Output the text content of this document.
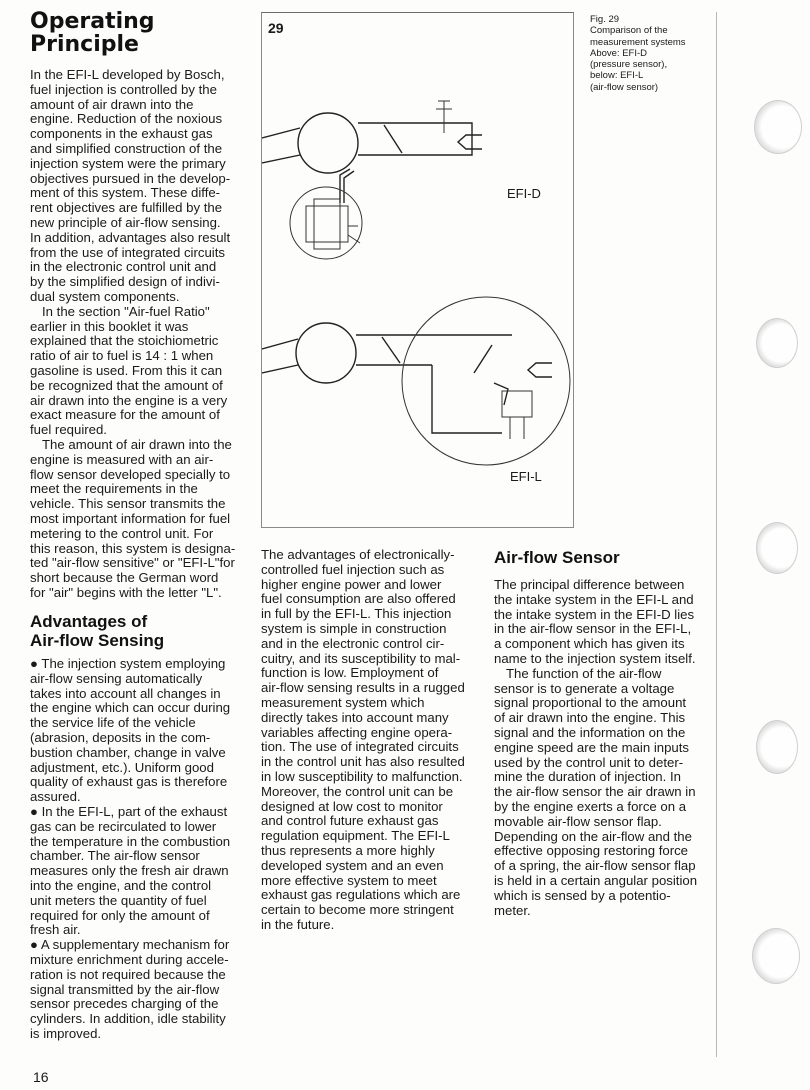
Operating
Principle

In the EFI-L developed by Bosch,
fuel injection is controlled by the
amount of air drawn into the
engine. Reduction of the noxious
components in the exhaust gas
and simplified construction of the
injection system were the primary
objectives pursued in the develop-
ment of this system. These diffe-
rent objectives are fulfilled by the
new principle of air-flow sensing.
In addition, advantages also result
from the use of integrated circuits
in the electronic control unit and
by the simplified design of indivi-
dual system components.

In the section "Air-fuel Ratio"
earlier in this booklet it was
explained that the stoichiometric
ratio of air to fuel is 14 : 1 when
gasoline is used. From this it can
be recognized that the amount of
air drawn into the engine is a very
exact measure for the amount of
fuel required.

The amount of air drawn into the
engine is measured with an air-
flow sensor developed specially to
meet the requirements in the
vehicle. This sensor transmits the
most important information for fuel
metering to the control unit. For
this reason, this system is designa-
ted "air-flow sensitive" or "EFI-L"for
short because the German word
for "air" begins with the letter "L".

Advantages of
Air-flow Sensing

● The injection system employing
air-flow sensing automatically
takes into account all changes in
the engine which can occur during
the service life of the vehicle
(abrasion, deposits in the com-
bustion chamber, change in valve
adjustment, etc.). Uniform good
quality of exhaust gas is therefore
assured.

● In the EFI-L, part of the exhaust
gas can be recirculated to lower
the temperature in the combustion
chamber. The air-flow sensor
measures only the fresh air drawn
into the engine, and the control
unit meters the quantity of fuel
required for only the amount of
fresh air.

● A supplementary mechanism for
mixture enrichment during accele-
ration is not required because the
signal transmitted by the air-flow
sensor precedes charging of the
cylinders. In addition, idle stability
is improved.

29
EFI-D
EFI-L
Fig. 29
Comparison of the
measurement systems
Above: EFI-D
(pressure sensor),
below: EFI-L
(air-flow sensor)

The advantages of electronically-
controlled fuel injection such as
higher engine power and lower
fuel consumption are also offered
in full by the EFI-L. This injection
system is simple in construction
and in the electronic control cir-
cuitry, and its susceptibility to mal-
function is low. Employment of
air-flow sensing results in a rugged
measurement system which
directly takes into account many
variables affecting engine opera-
tion. The use of integrated circuits
in the control unit has also resulted
in low susceptibility to malfunction.
Moreover, the control unit can be
designed at low cost to monitor
and control future exhaust gas
regulation equipment. The EFI-L
thus represents a more highly
developed system and an even
more effective system to meet
exhaust gas regulations which are
certain to become more stringent
in the future.

Air-flow Sensor

The principal difference between
the intake system in the EFI-L and
the intake system in the EFI-D lies
in the air-flow sensor in the EFI-L,
a component which has given its
name to the injection system itself.

The function of the air-flow
sensor is to generate a voltage
signal proportional to the amount
of air drawn into the engine. This
signal and the information on the
engine speed are the main inputs
used by the control unit to deter-
mine the duration of injection. In
the air-flow sensor the air drawn in
by the engine exerts a force on a
movable air-flow sensor flap.
Depending on the air-flow and the
effective opposing restoring force
of a spring, the air-flow sensor flap
is held in a certain angular position
which is sensed by a potentio-
meter.

16
